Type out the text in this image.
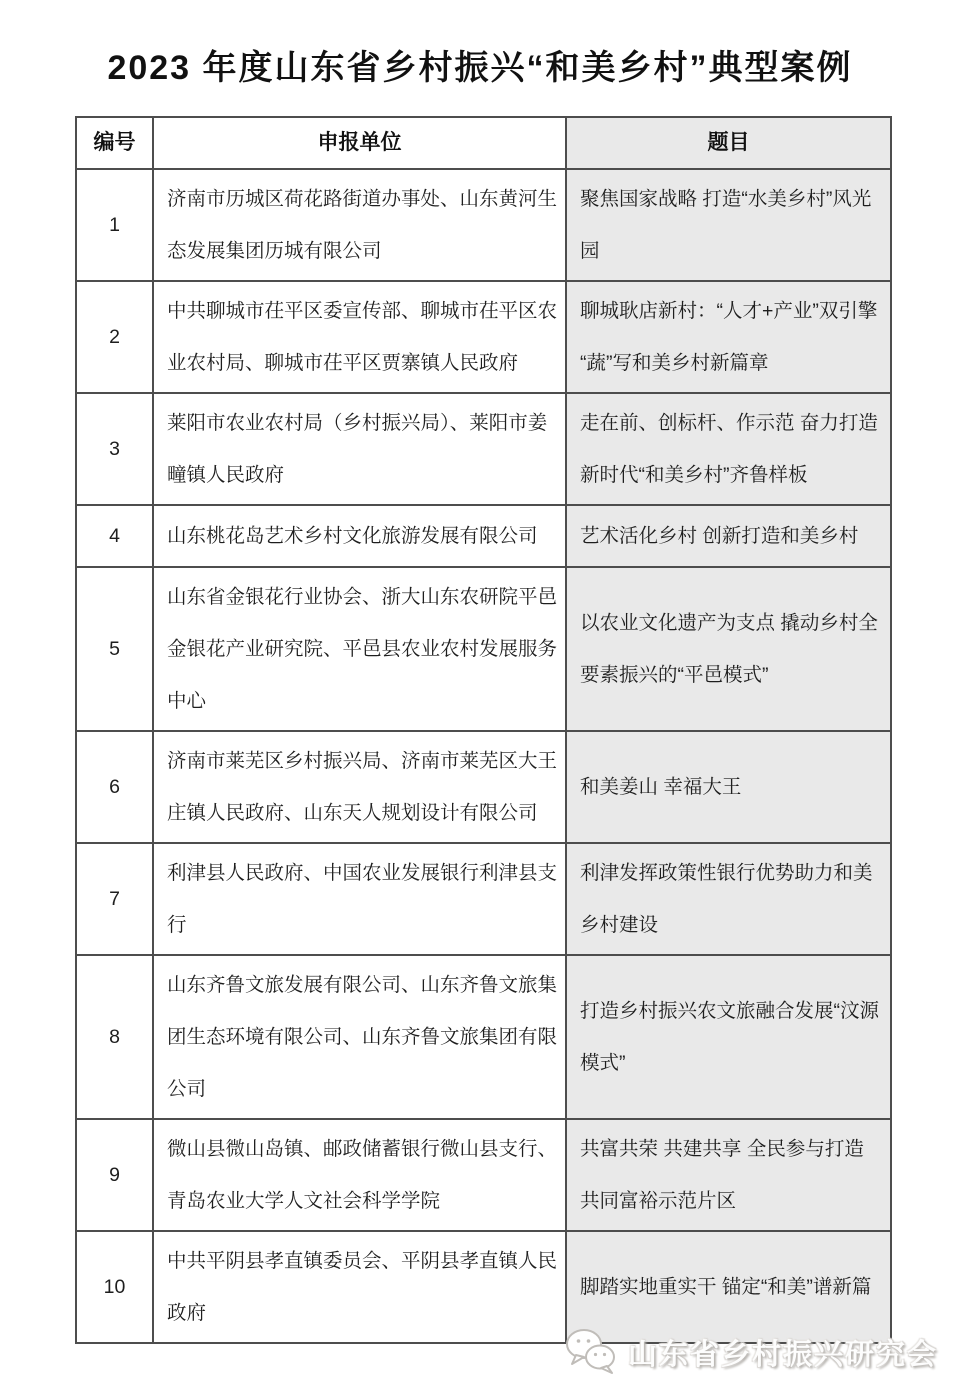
2023 年度山东省乡村振兴“和美乡村”典型案例
编号	申报单位	题目
1	济南市历城区荷花路街道办事处、山东黄河生态发展集团历城有限公司	聚焦国家战略 打造“水美乡村”风光园
2	中共聊城市茌平区委宣传部、聊城市茌平区农业农村局、聊城市茌平区贾寨镇人民政府	聊城耿店新村：“人才+产业”双引擎 “蔬”写和美乡村新篇章
3	莱阳市农业农村局（乡村振兴局）、莱阳市姜疃镇人民政府	走在前、创标杆、作示范 奋力打造新时代“和美乡村”齐鲁样板
4	山东桃花岛艺术乡村文化旅游发展有限公司	艺术活化乡村 创新打造和美乡村
5	山东省金银花行业协会、浙大山东农研院平邑金银花产业研究院、平邑县农业农村发展服务中心	以农业文化遗产为支点 撬动乡村全要素振兴的“平邑模式”
6	济南市莱芜区乡村振兴局、济南市莱芜区大王庄镇人民政府、山东天人规划设计有限公司	和美姜山 幸福大王
7	利津县人民政府、中国农业发展银行利津县支行	利津发挥政策性银行优势助力和美乡村建设
8	山东齐鲁文旅发展有限公司、山东齐鲁文旅集团生态环境有限公司、山东齐鲁文旅集团有限公司	打造乡村振兴农文旅融合发展“汶源模式”
9	微山县微山岛镇、邮政储蓄银行微山县支行、青岛农业大学人文社会科学学院	共富共荣 共建共享 全民参与打造共同富裕示范片区
10	中共平阴县孝直镇委员会、平阴县孝直镇人民政府	脚踏实地重实干 锚定“和美”谱新篇
山东省乡村振兴研究会
